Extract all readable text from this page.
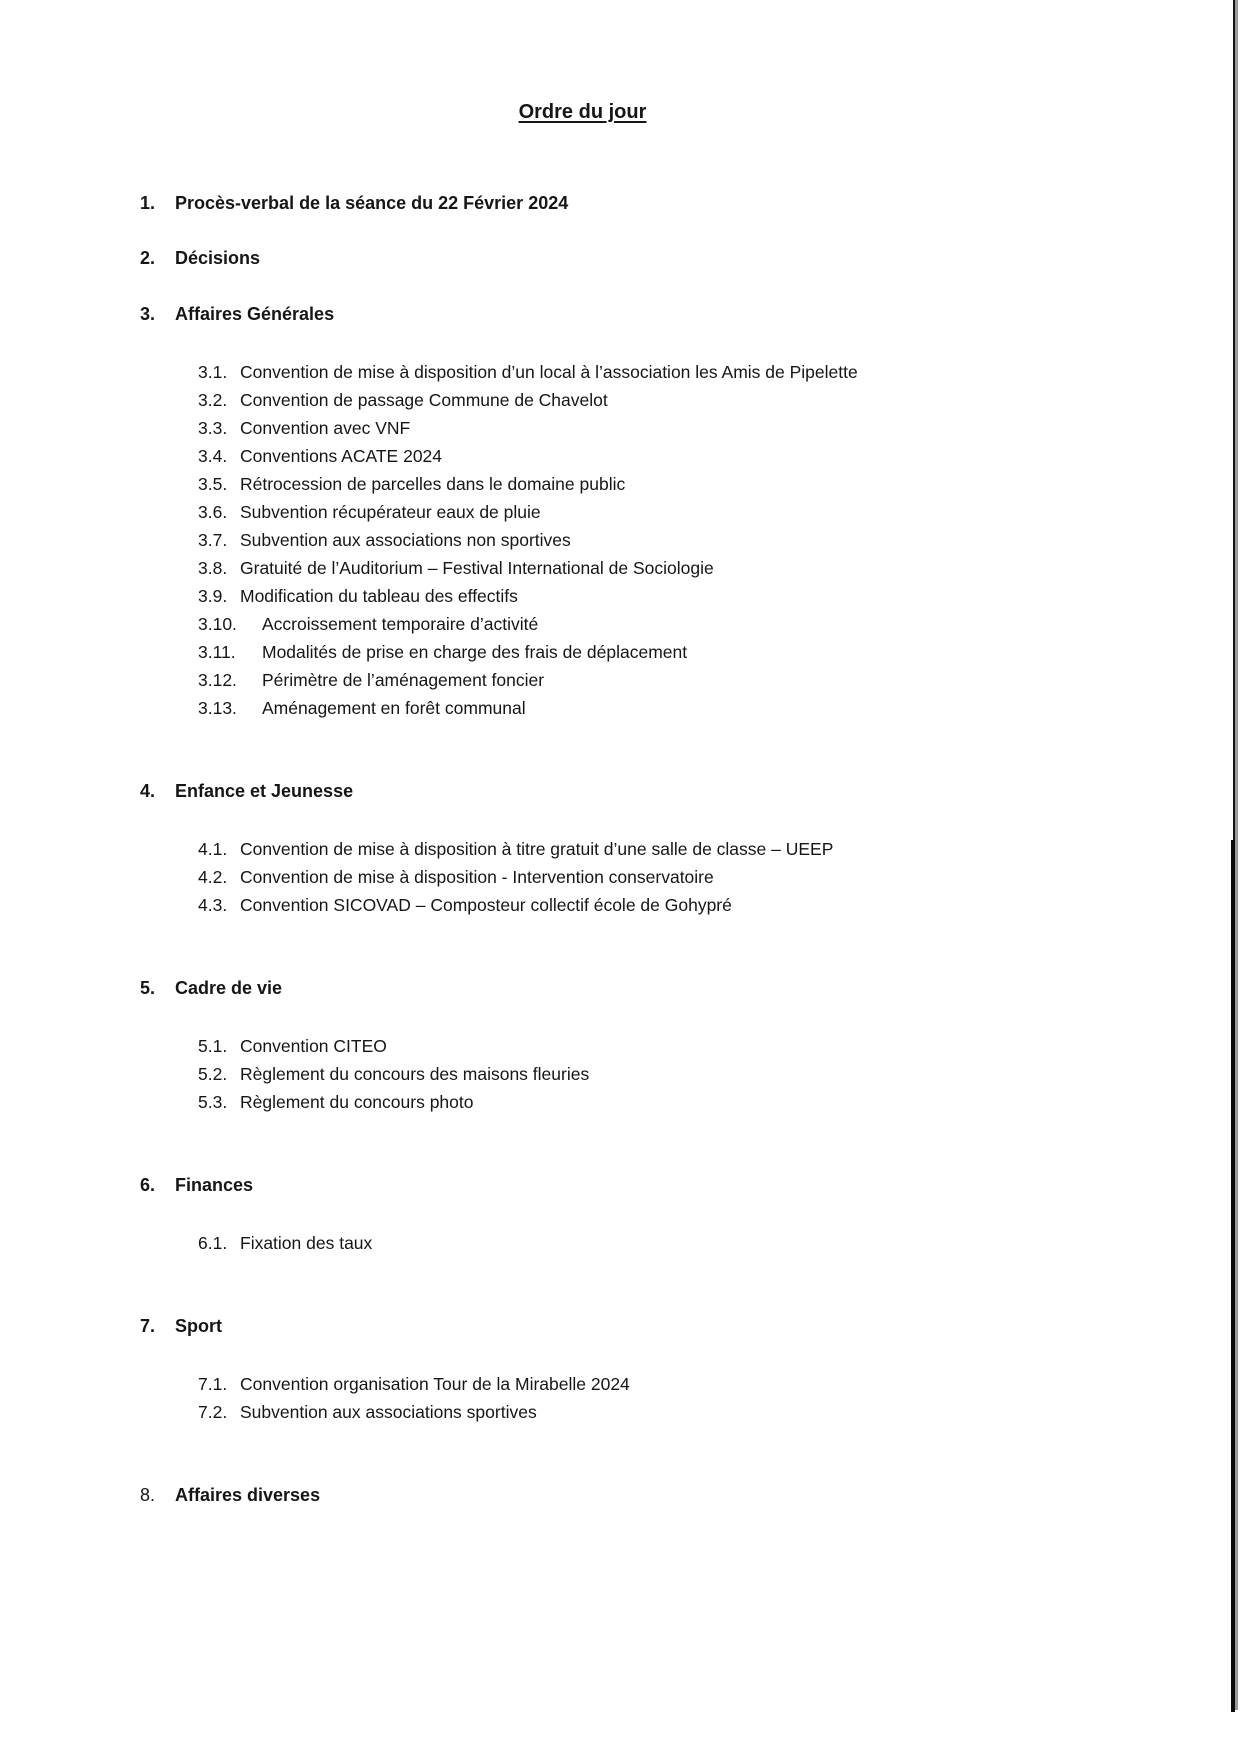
Ordre du jour
1.	Procès-verbal de la séance du 22 Février 2024
2.	Décisions
3.	Affaires Générales
3.1. Convention de mise à disposition d’un local à l’association les Amis de Pipelette
3.2. Convention de passage Commune de Chavelot
3.3. Convention avec VNF
3.4. Conventions ACATE 2024
3.5. Rétrocession de parcelles dans le domaine public
3.6. Subvention récupérateur eaux de pluie
3.7. Subvention aux associations non sportives
3.8. Gratuité de l’Auditorium – Festival International de Sociologie
3.9. Modification du tableau des effectifs
3.10.	Accroissement temporaire d’activité
3.11.	Modalités de prise en charge des frais de déplacement
3.12.	Périmètre de l’aménagement foncier
3.13.	Aménagement en forêt communal
4.	Enfance et Jeunesse
4.1. Convention de mise à disposition à titre gratuit d’une salle de classe – UEEP
4.2. Convention de mise à disposition - Intervention conservatoire
4.3. Convention SICOVAD – Composteur collectif école de Gohypré
5.	Cadre de vie
5.1. Convention CITEO
5.2. Règlement du concours des maisons fleuries
5.3. Règlement du concours photo
6.	Finances
6.1. Fixation des taux
7.	Sport
7.1. Convention organisation Tour de la Mirabelle 2024
7.2. Subvention aux associations sportives
8.	Affaires diverses
